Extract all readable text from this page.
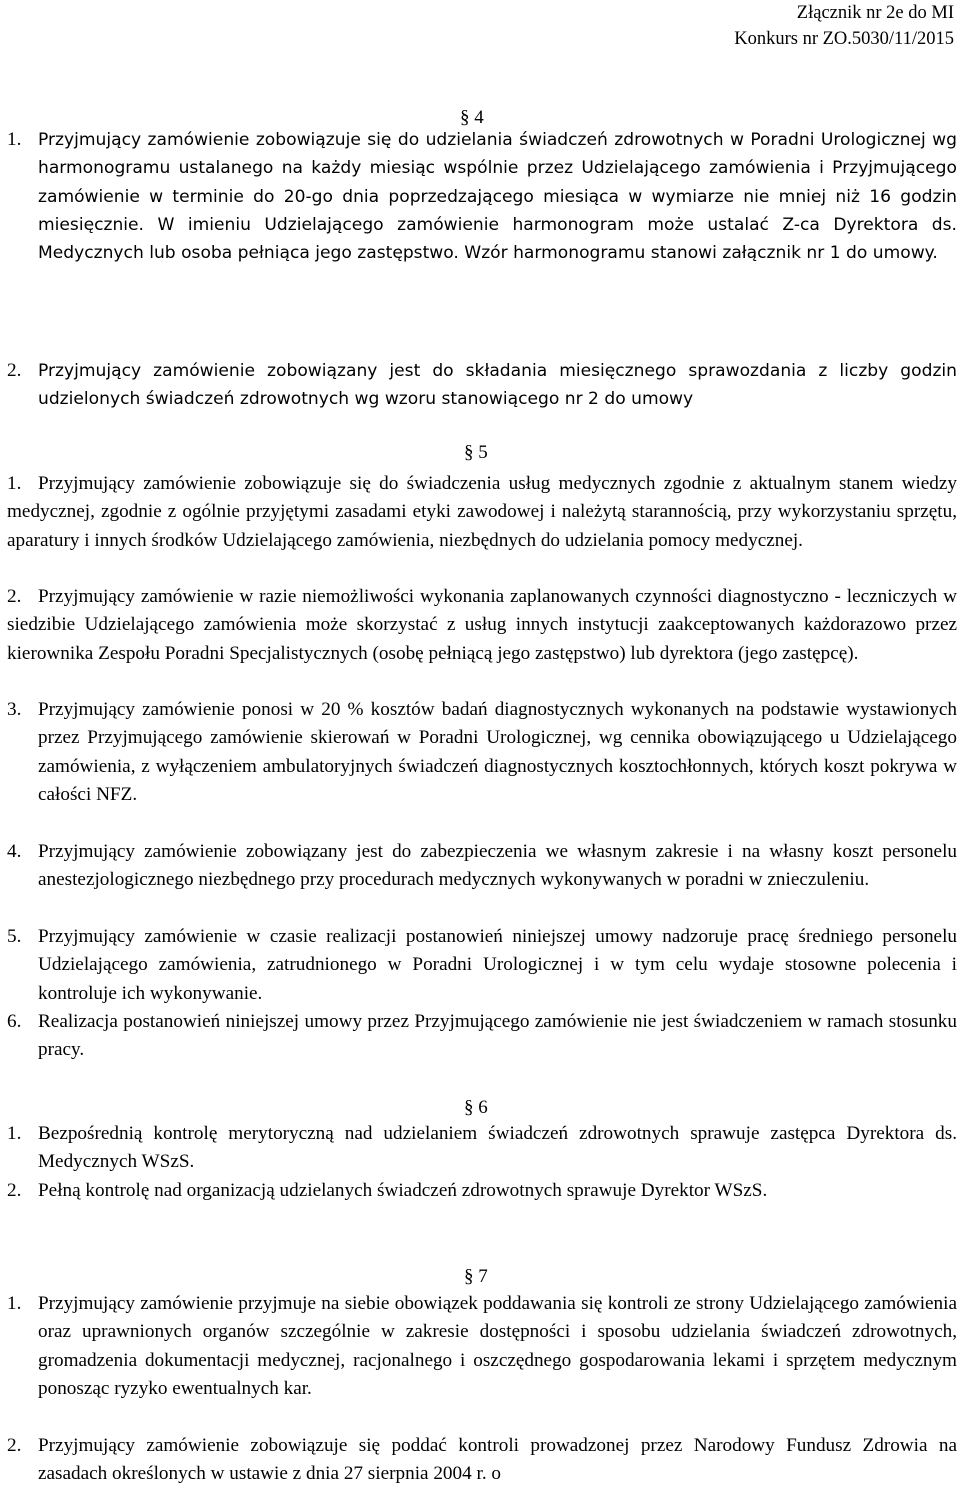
Złącznik nr 2e do MI
Konkurs nr ZO.5030/11/2015
§ 4
1. Przyjmujący zamówienie zobowiązuje się do udzielania świadczeń zdrowotnych w Poradni Urologicznej wg harmonogramu ustalanego na każdy miesiąc wspólnie przez Udzielającego zamówienia i Przyjmującego zamówienie w terminie do 20-go dnia poprzedzającego miesiąca w wymiarze nie mniej niż 16 godzin miesięcznie. W imieniu Udzielającego zamówienie harmonogram może ustalać Z-ca Dyrektora ds. Medycznych lub osoba pełniąca jego zastępstwo. Wzór harmonogramu stanowi załącznik nr 1 do umowy.
2. Przyjmujący zamówienie zobowiązany jest do składania miesięcznego sprawozdania z liczby godzin udzielonych świadczeń zdrowotnych wg wzoru stanowiącego nr 2 do umowy
§ 5
1. Przyjmujący zamówienie zobowiązuje się do świadczenia usług medycznych zgodnie z aktualnym stanem wiedzy medycznej, zgodnie z ogólnie przyjętymi zasadami etyki zawodowej i należytą starannością, przy wykorzystaniu sprzętu, aparatury i innych środków Udzielającego zamówienia, niezbędnych do udzielania pomocy medycznej.
2. Przyjmujący zamówienie w razie niemożliwości wykonania zaplanowanych czynności diagnostyczno - leczniczych w siedzibie Udzielającego zamówienia może skorzystać z usług innych instytucji zaakceptowanych każdorazowo przez kierownika Zespołu Poradni Specjalistycznych (osobę pełniącą jego zastępstwo) lub dyrektora (jego zastępcę).
3. Przyjmujący zamówienie ponosi w 20 % kosztów badań diagnostycznych wykonanych na podstawie wystawionych przez Przyjmującego zamówienie skierowań w Poradni Urologicznej, wg cennika obowiązującego u Udzielającego zamówienia, z wyłączeniem ambulatoryjnych świadczeń diagnostycznych kosztochłonnych, których koszt pokrywa w całości NFZ.
4. Przyjmujący zamówienie zobowiązany jest do zabezpieczenia we własnym zakresie i na własny koszt personelu anestezjologicznego niezbędnego przy procedurach medycznych wykonywanych w poradni w znieczuleniu.
5. Przyjmujący zamówienie w czasie realizacji postanowień niniejszej umowy nadzoruje pracę średniego personelu Udzielającego zamówienia, zatrudnionego w Poradni Urologicznej i w tym celu wydaje stosowne polecenia i kontroluje ich wykonywanie.
6. Realizacja postanowień niniejszej umowy przez Przyjmującego zamówienie nie jest świadczeniem w ramach stosunku pracy.
§ 6
1. Bezpośrednią kontrolę merytoryczną nad udzielaniem świadczeń zdrowotnych sprawuje zastępca Dyrektora ds. Medycznych WSzS.
2. Pełną kontrolę nad organizacją udzielanych świadczeń zdrowotnych sprawuje Dyrektor WSzS.
§ 7
1. Przyjmujący zamówienie przyjmuje na siebie obowiązek poddawania się kontroli ze strony Udzielającego zamówienia oraz uprawnionych organów szczególnie w zakresie dostępności i sposobu udzielania świadczeń zdrowotnych, gromadzenia dokumentacji medycznej, racjonalnego i oszczędnego gospodarowania lekami i sprzętem medycznym ponosząc ryzyko ewentualnych kar.
2. Przyjmujący zamówienie zobowiązuje się poddać kontroli prowadzonej przez Narodowy Fundusz Zdrowia na zasadach określonych w ustawie z dnia 27 sierpnia 2004 r. o
